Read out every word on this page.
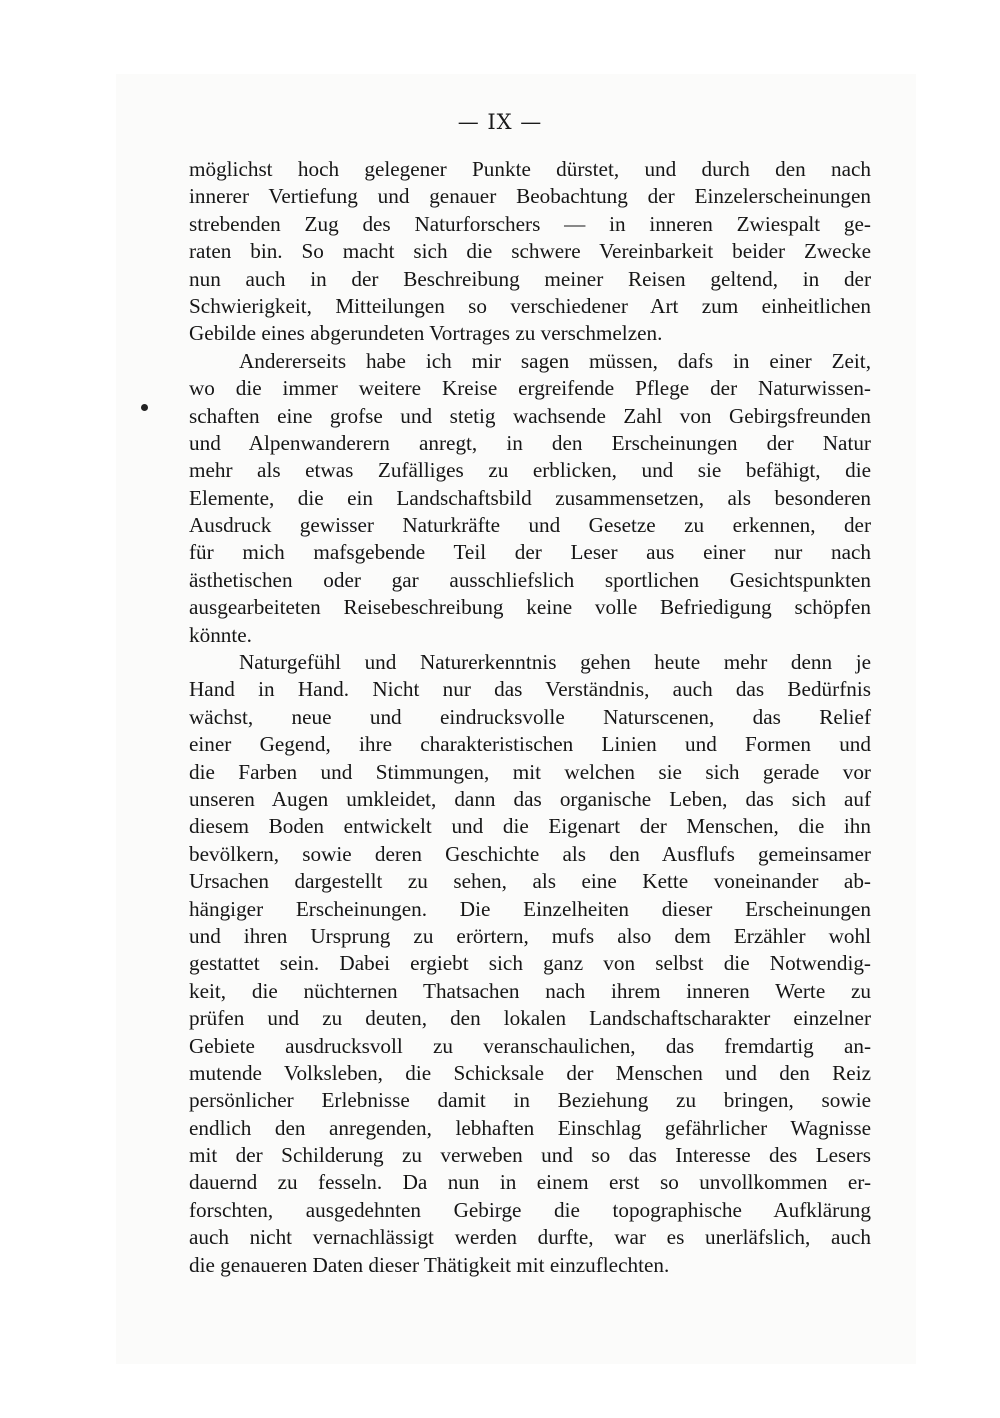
— IX —
möglichst hoch gelegener Punkte dürstet, und durch den nach
innerer Vertiefung und genauer Beobachtung der Einzelerscheinungen
strebenden Zug des Naturforschers — in inneren Zwiespalt ge-
raten bin. So macht sich die schwere Vereinbarkeit beider Zwecke
nun auch in der Beschreibung meiner Reisen geltend, in der
Schwierigkeit, Mitteilungen so verschiedener Art zum einheitlichen
Gebilde eines abgerundeten Vortrages zu verschmelzen.
Andererseits habe ich mir sagen müssen, dafs in einer Zeit,
wo die immer weitere Kreise ergreifende Pflege der Naturwissen-
schaften eine grofse und stetig wachsende Zahl von Gebirgsfreunden
und Alpenwanderern anregt, in den Erscheinungen der Natur
mehr als etwas Zufälliges zu erblicken, und sie befähigt, die
Elemente, die ein Landschaftsbild zusammensetzen, als besonderen
Ausdruck gewisser Naturkräfte und Gesetze zu erkennen, der
für mich mafsgebende Teil der Leser aus einer nur nach
ästhetischen oder gar ausschliefslich sportlichen Gesichtspunkten
ausgearbeiteten Reisebeschreibung keine volle Befriedigung schöpfen
könnte.
Naturgefühl und Naturerkenntnis gehen heute mehr denn je
Hand in Hand. Nicht nur das Verständnis, auch das Bedürfnis
wächst, neue und eindrucksvolle Naturscenen, das Relief
einer Gegend, ihre charakteristischen Linien und Formen und
die Farben und Stimmungen, mit welchen sie sich gerade vor
unseren Augen umkleidet, dann das organische Leben, das sich auf
diesem Boden entwickelt und die Eigenart der Menschen, die ihn
bevölkern, sowie deren Geschichte als den Ausflufs gemeinsamer
Ursachen dargestellt zu sehen, als eine Kette voneinander ab-
hängiger Erscheinungen. Die Einzelheiten dieser Erscheinungen
und ihren Ursprung zu erörtern, mufs also dem Erzähler wohl
gestattet sein. Dabei ergiebt sich ganz von selbst die Notwendig-
keit, die nüchternen Thatsachen nach ihrem inneren Werte zu
prüfen und zu deuten, den lokalen Landschaftscharakter einzelner
Gebiete ausdrucksvoll zu veranschaulichen, das fremdartig an-
mutende Volksleben, die Schicksale der Menschen und den Reiz
persönlicher Erlebnisse damit in Beziehung zu bringen, sowie
endlich den anregenden, lebhaften Einschlag gefährlicher Wagnisse
mit der Schilderung zu verweben und so das Interesse des Lesers
dauernd zu fesseln. Da nun in einem erst so unvollkommen er-
forschten, ausgedehnten Gebirge die topographische Aufklärung
auch nicht vernachlässigt werden durfte, war es unerläfslich, auch
die genaueren Daten dieser Thätigkeit mit einzuflechten.
